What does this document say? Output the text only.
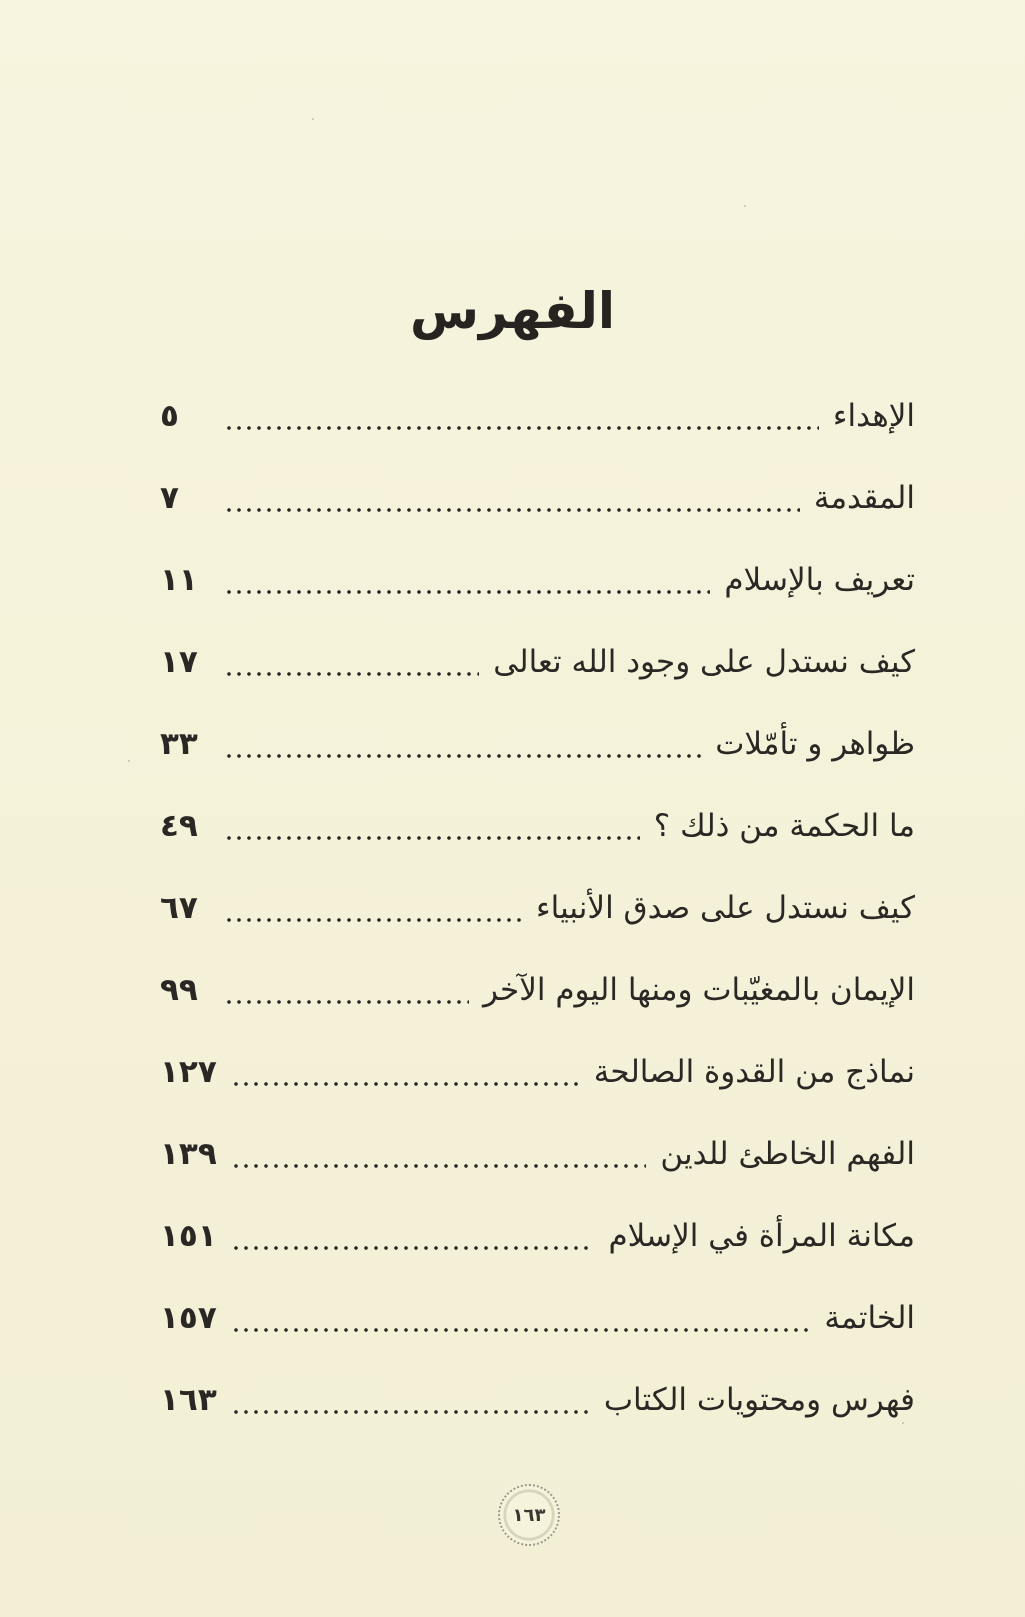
الفهرس
الإهداء
٥
المقدمة
٧
تعريف بالإسلام
١١
كيف نستدل على وجود الله تعالى
١٧
ظواهر و تأمّلات
٣٣
ما الحكمة من ذلك ؟
٤٩
كيف نستدل على صدق الأنبياء
٦٧
الإيمان بالمغيّبات ومنها اليوم الآخر
٩٩
نماذج من القدوة الصالحة
١٢٧
الفهم الخاطئ للدين
١٣٩
مكانة المرأة في الإسلام
١٥١
الخاتمة
١٥٧
فهرس ومحتويات الكتاب
١٦٣
١٦٣
